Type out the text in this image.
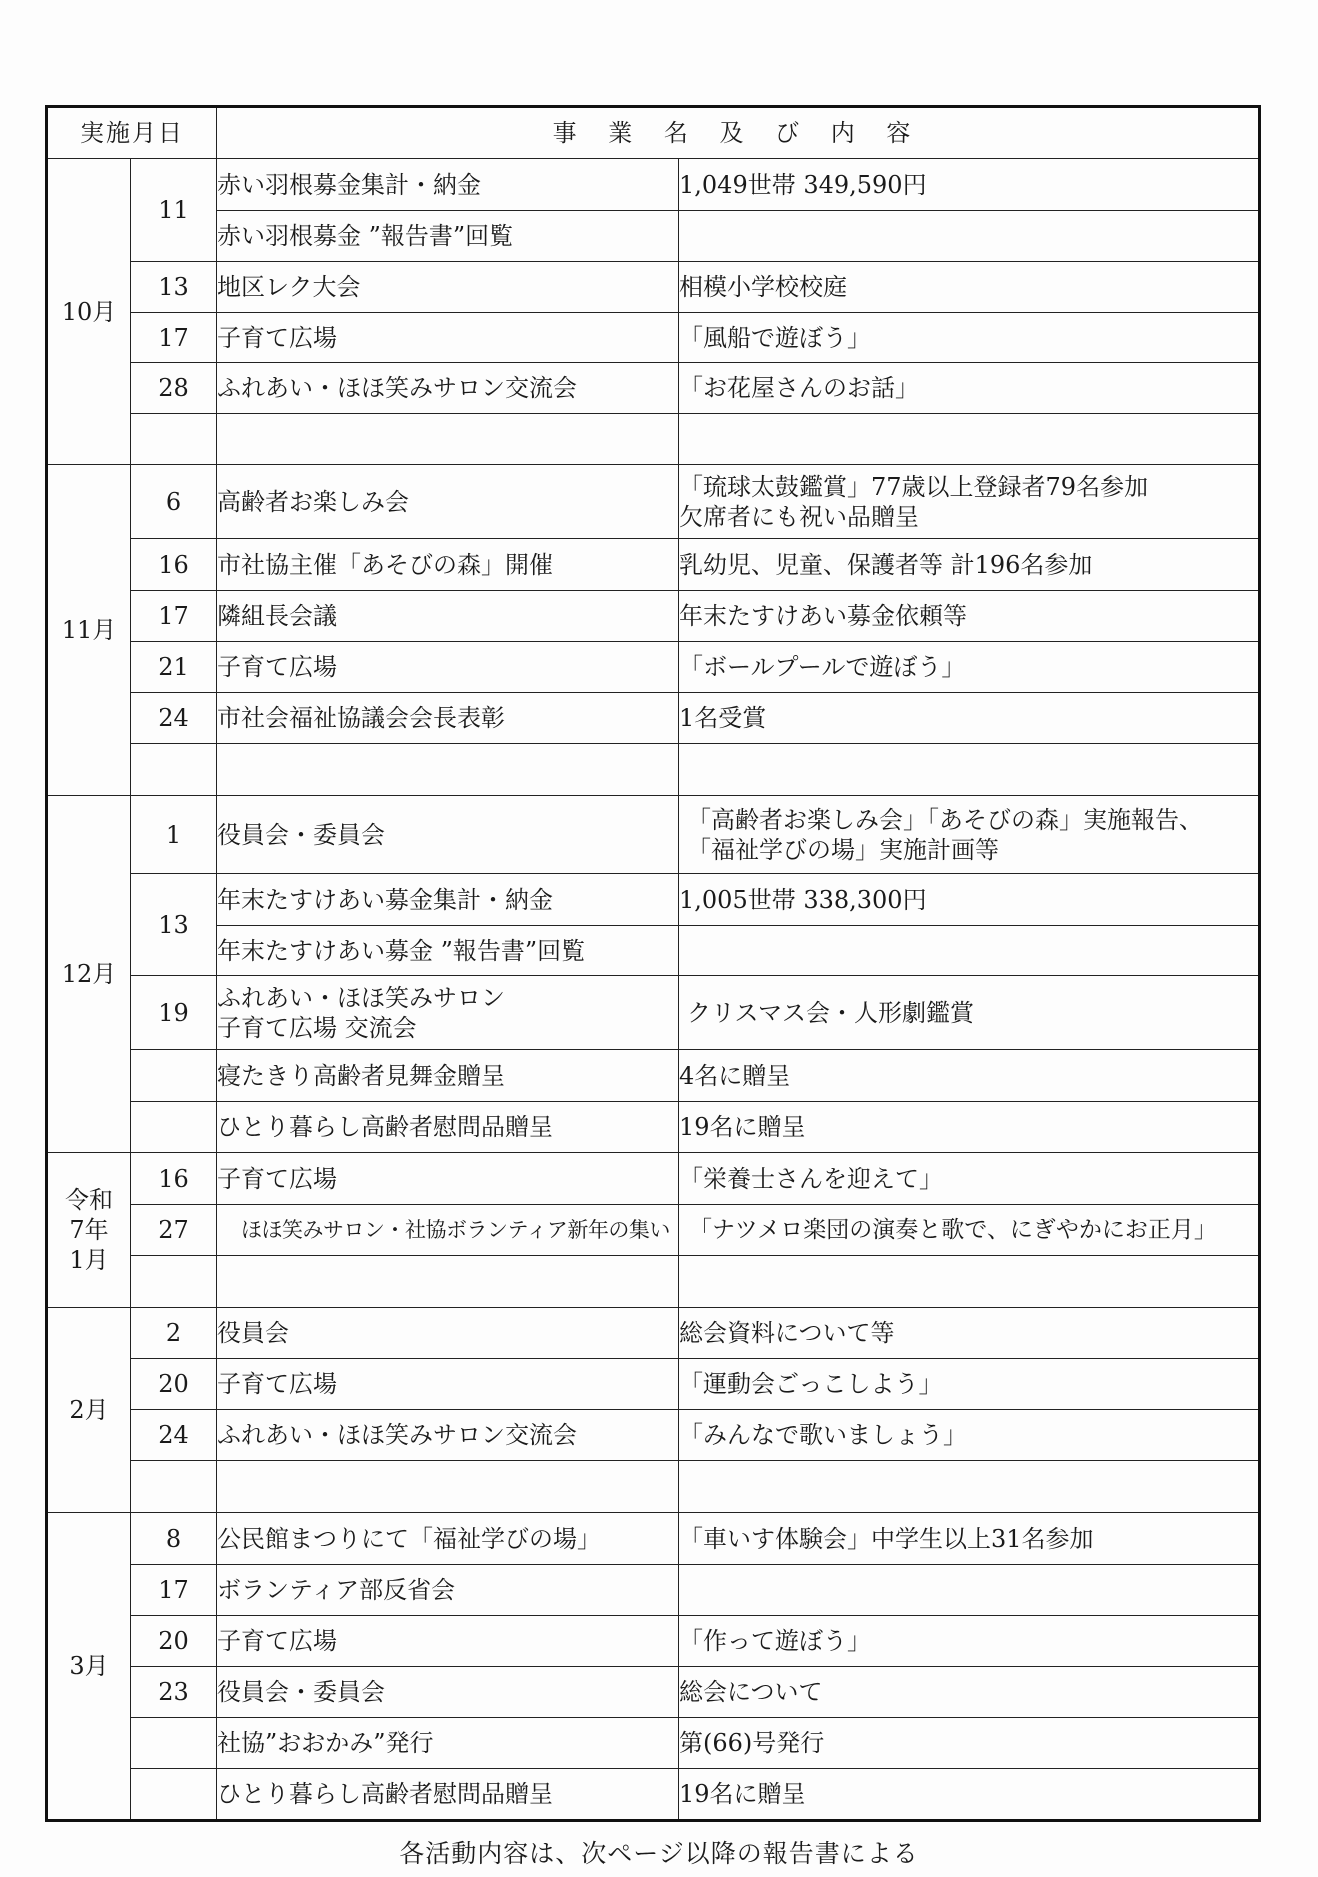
実施月日		事 業 名 及 び 内 容	
10月	11	赤い羽根募金集計・納金	1,049世帯 349,590円
		赤い羽根募金 ”報告書”回覧	
	13	地区レク大会	相模小学校校庭
	17	子育て広場	「風船で遊ぼう」
	28	ふれあい・ほほ笑みサロン交流会	「お花屋さんのお話」

11月	6	高齢者お楽しみ会	「琉球太鼓鑑賞」77歳以上登録者79名参加
欠席者にも祝い品贈呈
	16	市社協主催「あそびの森」開催	乳幼児、児童、保護者等 計196名参加
	17	隣組長会議	年末たすけあい募金依頼等
	21	子育て広場	「ボールプールで遊ぼう」
	24	市社会福祉協議会会長表彰	1名受賞

12月	1	役員会・委員会	「高齢者お楽しみ会」「あそびの森」実施報告、
「福祉学びの場」実施計画等
	13	年末たすけあい募金集計・納金	1,005世帯 338,300円
		年末たすけあい募金 ”報告書”回覧	
	19	ふれあい・ほほ笑みサロン
子育て広場 交流会	クリスマス会・人形劇鑑賞
		寝たきり高齢者見舞金贈呈	4名に贈呈
		ひとり暮らし高齢者慰問品贈呈	19名に贈呈
令和
7年
1月	16	子育て広場	「栄養士さんを迎えて」
	27	ほほ笑みサロン・社協ボランティア新年の集い	「ナツメロ楽団の演奏と歌で、にぎやかにお正月」

2月	2	役員会	総会資料について等
	20	子育て広場	「運動会ごっこしよう」
	24	ふれあい・ほほ笑みサロン交流会	「みんなで歌いましょう」

3月	8	公民館まつりにて「福祉学びの場」	「車いす体験会」中学生以上31名参加
	17	ボランティア部反省会	
	20	子育て広場	「作って遊ぼう」
	23	役員会・委員会	総会について
		社協”おおかみ”発行	第(66)号発行
		ひとり暮らし高齢者慰問品贈呈	19名に贈呈
各活動内容は、次ページ以降の報告書による
